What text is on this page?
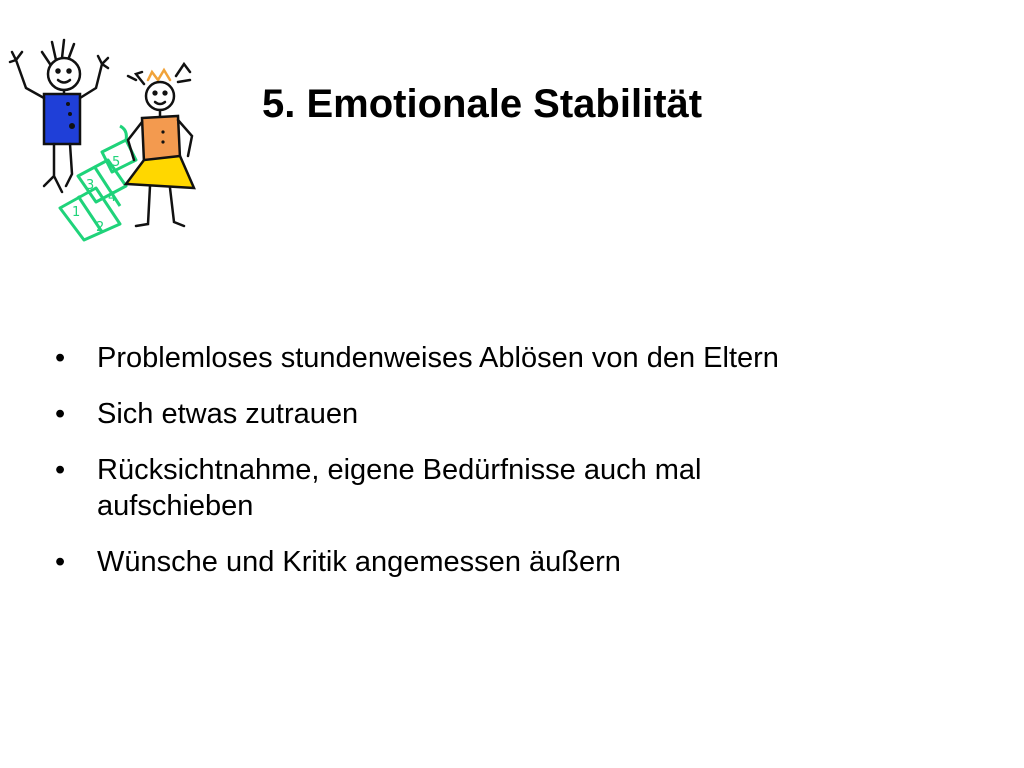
1
2
3
4
5
5. Emotionale Stabilität
•	Problemloses stundenweises Ablösen von den Eltern
•	Sich etwas zutrauen
•	Rücksichtnahme, eigene Bedürfnisse auch mal aufschieben
•	Wünsche und Kritik angemessen äußern
